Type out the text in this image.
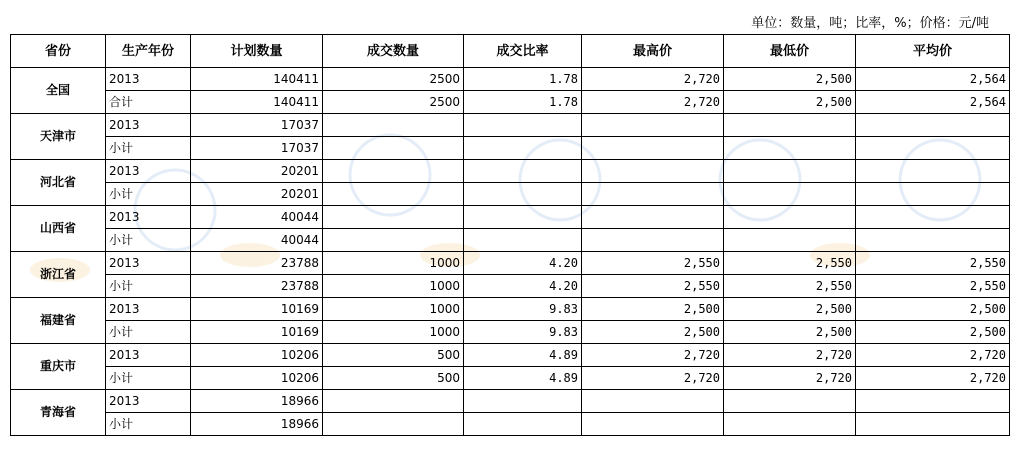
单位：数量，吨；比率，%；价格：元/吨
省份	生产年份	计划数量	成交数量	成交比率	最高价	最低价	平均价
全国	2013	140411	2500	1.78	2,720	2,500	2,564
	合计	140411	2500	1.78	2,720	2,500	2,564
天津市	2013	17037					
	小计	17037					
河北省	2013	20201					
	小计	20201					
山西省	2013	40044					
	小计	40044					
浙江省	2013	23788	1000	4.20	2,550	2,550	2,550
	小计	23788	1000	4.20	2,550	2,550	2,550
福建省	2013	10169	1000	9.83	2,500	2,500	2,500
	小计	10169	1000	9.83	2,500	2,500	2,500
重庆市	2013	10206	500	4.89	2,720	2,720	2,720
	小计	10206	500	4.89	2,720	2,720	2,720
青海省	2013	18966					
	小计	18966					
